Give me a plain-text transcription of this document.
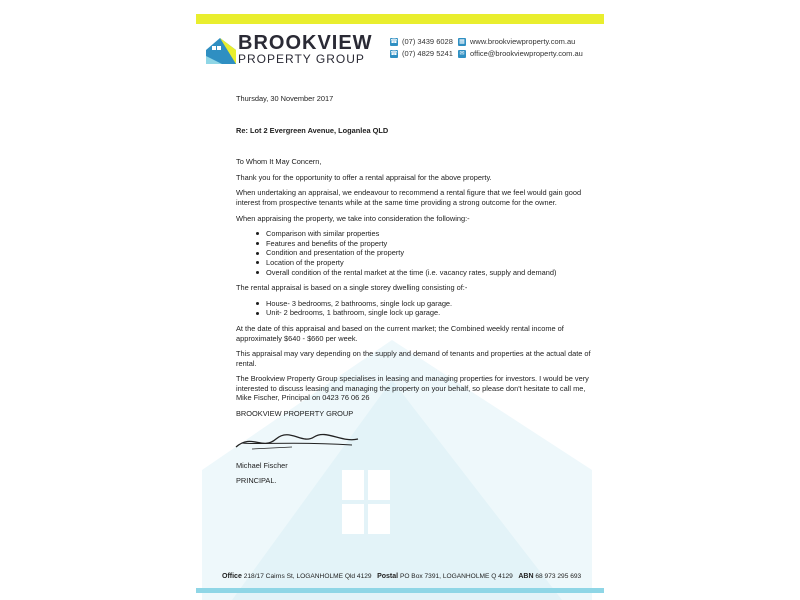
BROOKVIEW
PROPERTY GROUP
☎ (07) 3439 6028
☎ (07) 4829 5241
▦ www.brookviewproperty.com.au
✉ office@brookviewproperty.com.au

Thursday, 30 November 2017

Re: Lot 2 Evergreen Avenue, Loganlea QLD

To Whom It May Concern,

Thank you for the opportunity to offer a rental appraisal for the above property.

When undertaking an appraisal, we endeavour to recommend a rental figure that we feel would gain good interest from prospective tenants while at the same time providing a strong outcome for the owner.

When appraising the property, we take into consideration the following:-

Comparison with similar properties
Features and benefits of the property
Condition and presentation of the property
Location of the property
Overall condition of the rental market at the time (i.e. vacancy rates, supply and demand)

The rental appraisal is based on a single storey dwelling consisting of:-

House- 3 bedrooms, 2 bathrooms, single lock up garage.
Unit- 2 bedrooms, 1 bathroom, single lock up garage.

At the date of this appraisal and based on the current market; the Combined weekly rental income of approximately $640 - $660 per week.

This appraisal may vary depending on the supply and demand of tenants and properties at the actual date of rental.

The Brookview Property Group specialises in leasing and managing properties for investors. I would be very interested to discuss leasing and managing the property on your behalf, so please don't hesitate to call me, Mike Fischer, Principal on 0423 76 06 26

BROOKVIEW PROPERTY GROUP

Michael Fischer

PRINCIPAL.

Office 218/17 Cairns St, LOGANHOLME Qld 4129 Postal PO Box 7391, LOGANHOLME Q 4129 ABN 68 973 295 693
